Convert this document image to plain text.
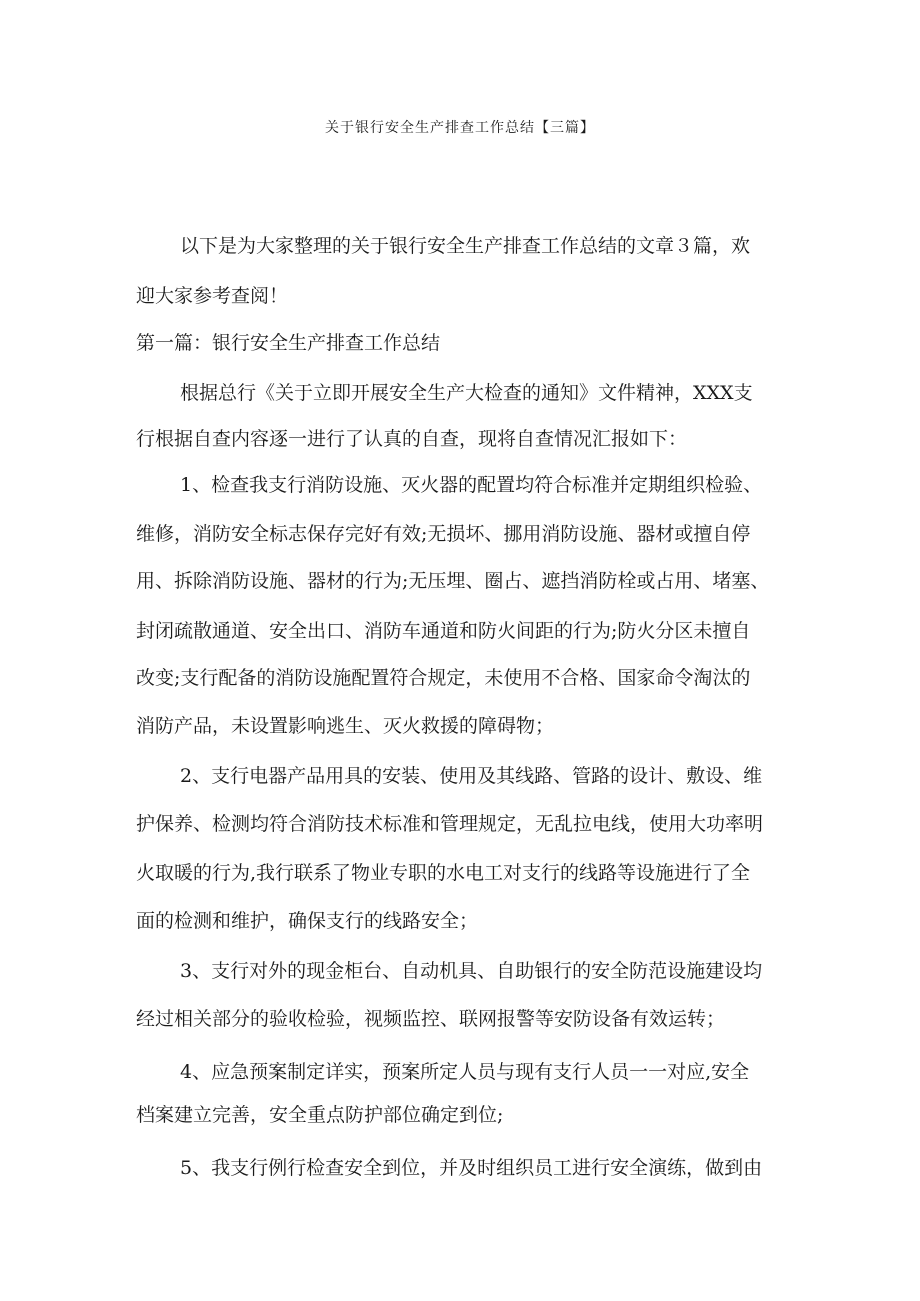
关于银行安全生产排查工作总结【三篇】
以下是为大家整理的关于银行安全生产排查工作总结的文章３篇，欢
迎大家参考查阅！
第一篇：银行安全生产排查工作总结
根据总行《关于立即开展安全生产大检查的通知》文件精神，XXX支
行根据自查内容逐一进行了认真的自查，现将自查情况汇报如下：
1、检查我支行消防设施、灭火器的配置均符合标准并定期组织检验、
维修，消防安全标志保存完好有效;无损坏、挪用消防设施、器材或擅自停
用、拆除消防设施、器材的行为;无压埋、圈占、遮挡消防栓或占用、堵塞、
封闭疏散通道、安全出口、消防车通道和防火间距的行为;防火分区未擅自
改变;支行配备的消防设施配置符合规定，未使用不合格、国家命令淘汰的
消防产品，未设置影响逃生、灭火救援的障碍物；
2、支行电器产品用具的安装、使用及其线路、管路的设计、敷设、维
护保养、检测均符合消防技术标准和管理规定，无乱拉电线，使用大功率明
火取暖的行为,我行联系了物业专职的水电工对支行的线路等设施进行了全
面的检测和维护，确保支行的线路安全；
3、支行对外的现金柜台、自动机具、自助银行的安全防范设施建设均
经过相关部分的验收检验，视频监控、联网报警等安防设备有效运转；
4、应急预案制定详实，预案所定人员与现有支行人员一一对应,安全
档案建立完善，安全重点防护部位确定到位;
5、我支行例行检查安全到位，并及时组织员工进行安全演练，做到由
